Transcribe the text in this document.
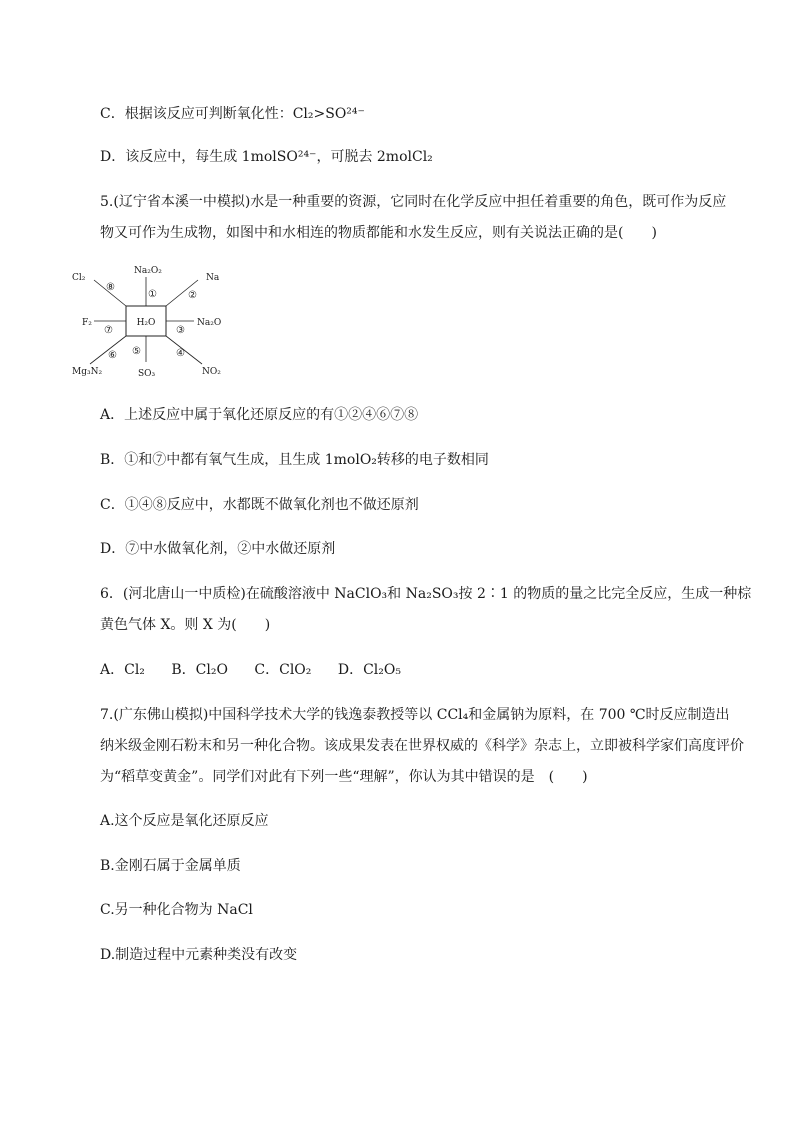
C．根据该反应可判断氧化性：Cl₂>SO²⁴⁻
D．该反应中，每生成 1molSO²⁴⁻，可脱去 2molCl₂
5.(辽宁省本溪一中模拟)水是一种重要的资源，它同时在化学反应中担任着重要的角色，既可作为反应
物又可作为生成物，如图中和水相连的物质都能和水发生反应，则有关说法正确的是(　　)
H₂O
Cl₂
Na₂O₂
Na
F₂	Na₂O
Mg₃N₂	SO₃	NO₂
⑧
①	②
⑦	③
⑥ ⑤	④
A．上述反应中属于氧化还原反应的有①②④⑥⑦⑧
B．①和⑦中都有氧气生成，且生成 1molO₂转移的电子数相同
C．①④⑧反应中，水都既不做氧化剂也不做还原剂
D．⑦中水做氧化剂，②中水做还原剂
6．(河北唐山一中质检)在硫酸溶液中 NaClO₃和 Na₂SO₃按 2∶1 的物质的量之比完全反应，生成一种棕
黄色气体 X。则 X 为(　　)
A．Cl₂ B．Cl₂O C．ClO₂ D．Cl₂O₅
7.(广东佛山模拟)中国科学技术大学的钱逸泰教授等以 CCl₄和金属钠为原料，在 700 ℃时反应制造出
纳米级金刚石粉末和另一种化合物。该成果发表在世界权威的《科学》杂志上，立即被科学家们高度评价
为“稻草变黄金”。同学们对此有下列一些“理解”，你认为其中错误的是　(　　)
A.这个反应是氧化还原反应
B.金刚石属于金属单质
C.另一种化合物为 NaCl
D.制造过程中元素种类没有改变
